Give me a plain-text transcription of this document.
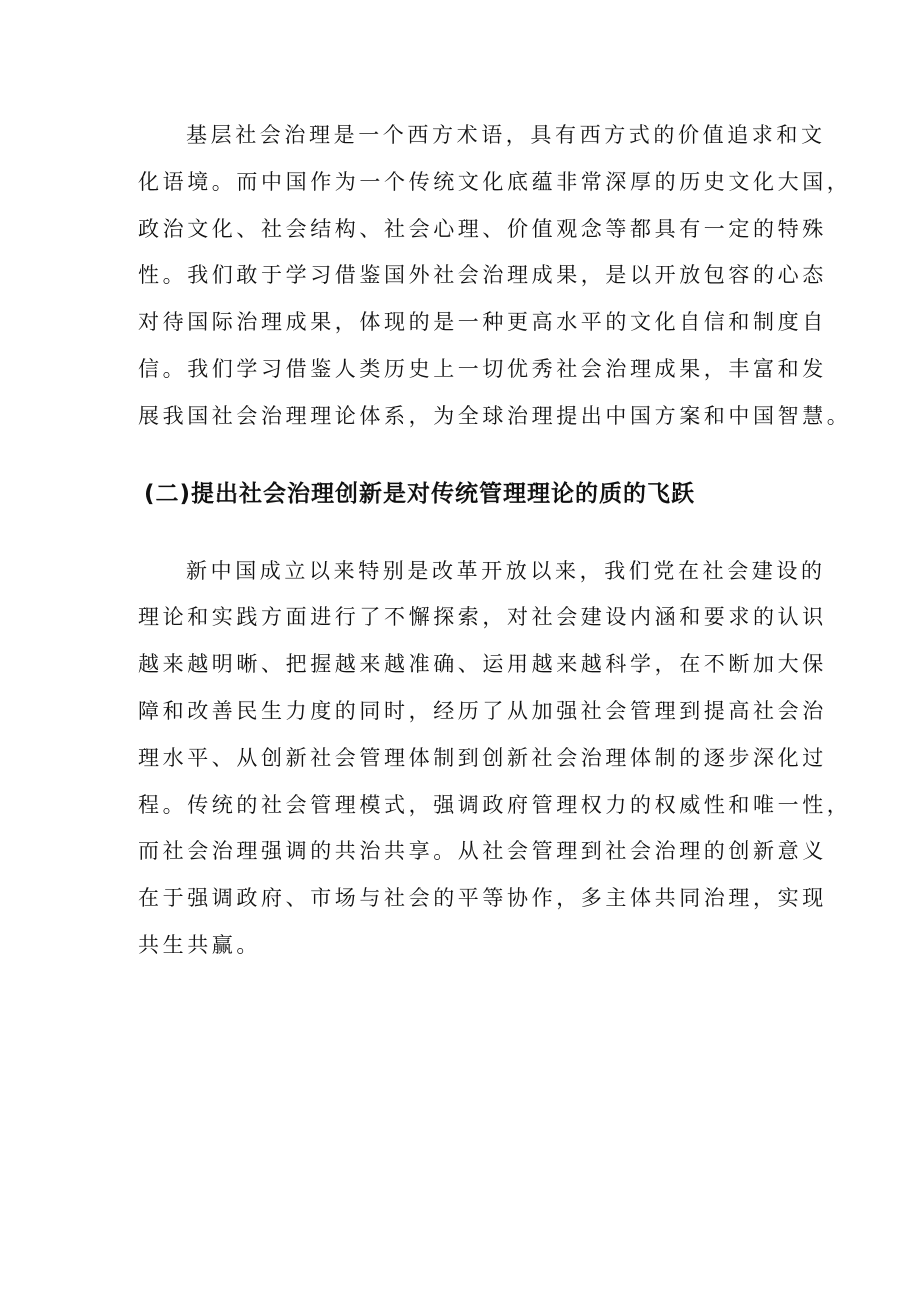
基层社会治理是一个西方术语，具有西方式的价值追求和文
化语境。而中国作为一个传统文化底蕴非常深厚的历史文化大国，
政治文化、社会结构、社会心理、价值观念等都具有一定的特殊
性。我们敢于学习借鉴国外社会治理成果，是以开放包容的心态
对待国际治理成果，体现的是一种更高水平的文化自信和制度自
信。我们学习借鉴人类历史上一切优秀社会治理成果，丰富和发
展我国社会治理理论体系，为全球治理提出中国方案和中国智慧。
(二)提出社会治理创新是对传统管理理论的质的飞跃
新中国成立以来特别是改革开放以来，我们党在社会建设的
理论和实践方面进行了不懈探索，对社会建设内涵和要求的认识
越来越明晰、把握越来越准确、运用越来越科学，在不断加大保
障和改善民生力度的同时，经历了从加强社会管理到提高社会治
理水平、从创新社会管理体制到创新社会治理体制的逐步深化过
程。传统的社会管理模式，强调政府管理权力的权威性和唯一性，
而社会治理强调的共治共享。从社会管理到社会治理的创新意义
在于强调政府、市场与社会的平等协作，多主体共同治理，实现
共生共赢。
